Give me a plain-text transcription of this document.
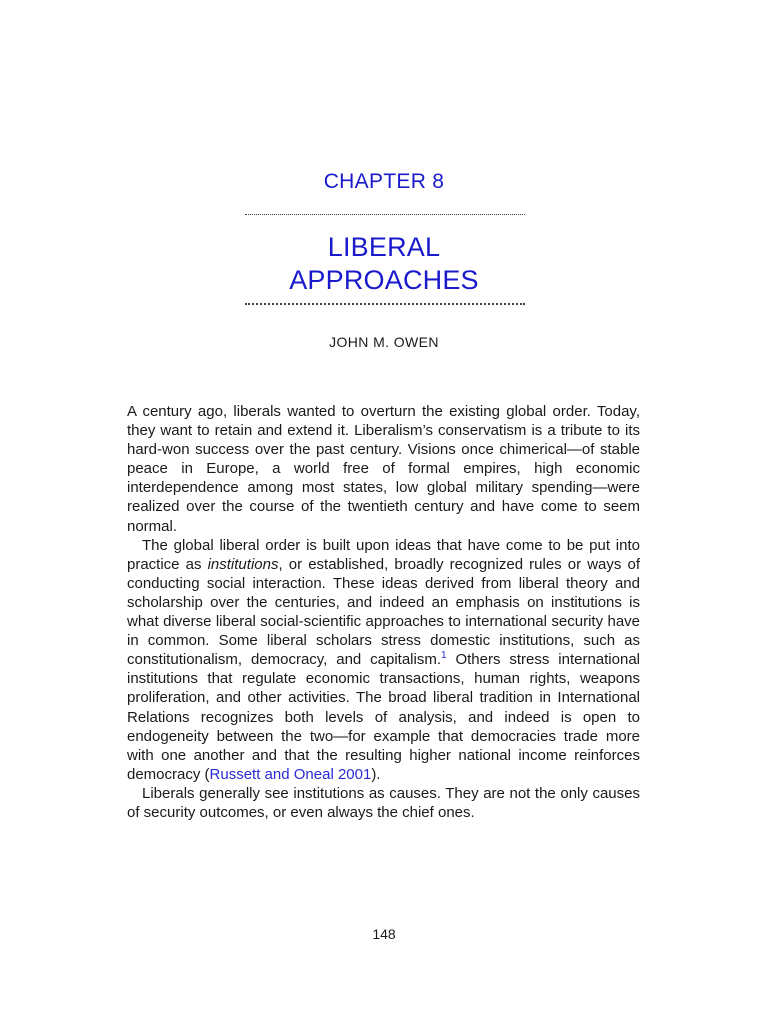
CHAPTER 8
LIBERAL
APPROACHES
JOHN M. OWEN

A century ago, liberals wanted to overturn the existing global order. Today, they want to retain and extend it. Liberalism’s conservatism is a tribute to its hard-won success over the past century. Visions once chimerical—of stable peace in Europe, a world free of formal empires, high economic interdependence among most states, low global military spending—were realized over the course of the twentieth century and have come to seem normal.

The global liberal order is built upon ideas that have come to be put into practice as institutions, or established, broadly recognized rules or ways of conducting social interaction. These ideas derived from liberal theory and scholarship over the centuries, and indeed an emphasis on institutions is what diverse liberal social-scientific approaches to international security have in common. Some liberal scholars stress domestic institutions, such as constitutionalism, democracy, and capitalism.$^1$ Others stress international institutions that regulate economic transactions, human rights, weapons proliferation, and other activities. The broad liberal tradition in International Relations recognizes both levels of analysis, and indeed is open to endogeneity between the two—for example that democracies trade more with one another and that the resulting higher national income reinforces democracy (Russett and Oneal 2001).

Liberals generally see institutions as causes. They are not the only causes of security outcomes, or even always the chief ones.

148
